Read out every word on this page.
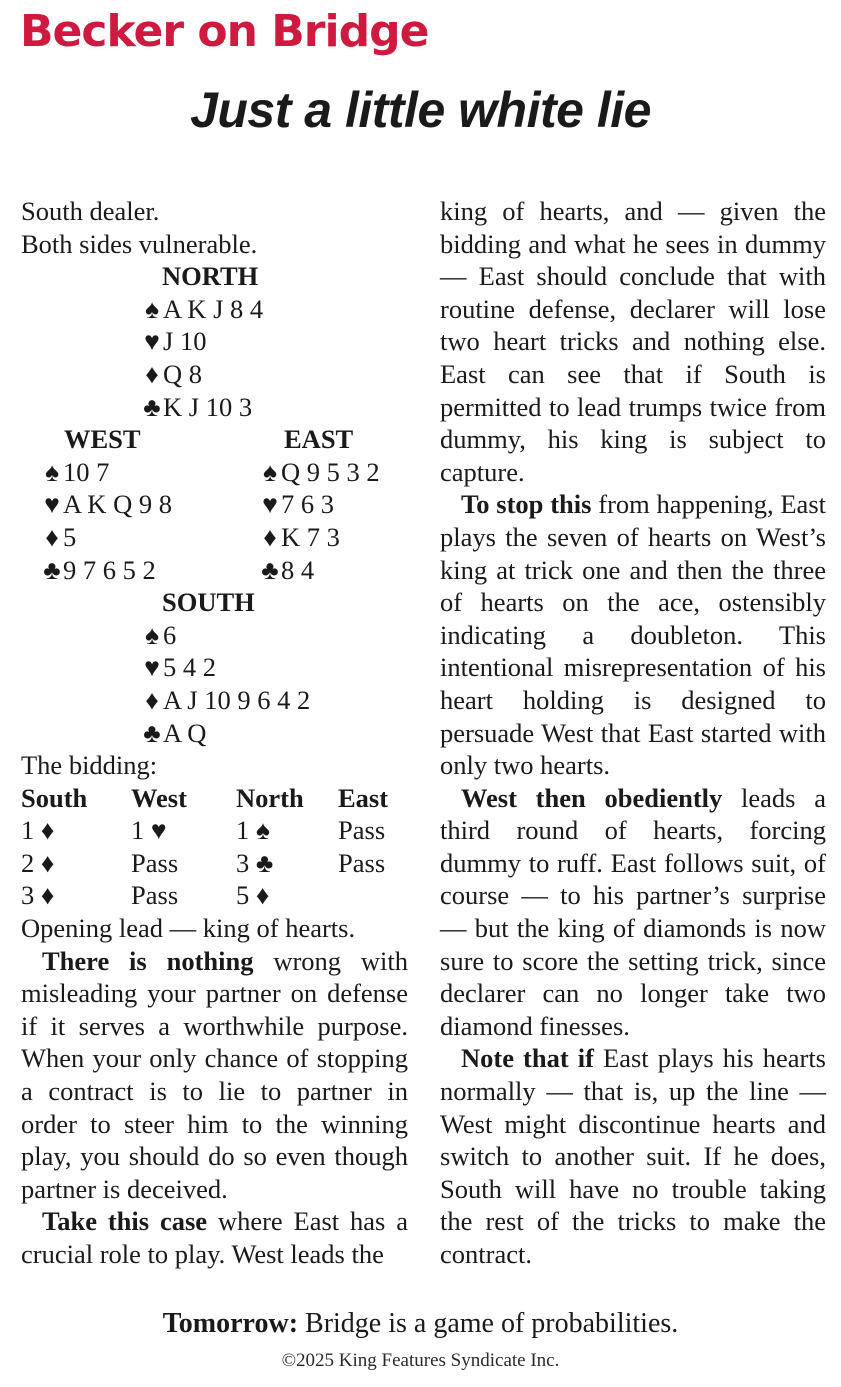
Becker on Bridge
Just a little white lie
South dealer.
Both sides vulnerable.
NORTH
♠ A K J 8 4
♥ J 10
♦ Q 8
♣K J 10 3
WEST	EAST
♠ 10 7	♠ Q 9 5 3 2
♥ A K Q 9 8	♥ 7 6 3
♦ 5	♦ K 7 3
♣9 7 6 5 2	♣8 4
SOUTH
♠ 6
♥ 5 4 2
♦ A J 10 9 6 4 2
♣A Q
The bidding:
South West North East
1 ♦	1 ♥	1 ♠	Pass
2 ♦	Pass 3 ♣ Pass
3 ♦	Pass 5 ♦
Opening lead — king of hearts.

There is nothing wrong with misleading your partner on defense if it serves a worthwhile purpose. When your only chance of stopping a contract is to lie to partner in order to steer him to the winning play, you should do so even though partner is deceived.

Take this case where East has a crucial role to play. West leads the

king of hearts, and — given the bidding and what he sees in dummy — East should conclude that with routine defense, declarer will lose two heart tricks and nothing else. East can see that if South is permitted to lead trumps twice from dummy, his king is subject to capture.

To stop this from happening, East plays the seven of hearts on West’s king at trick one and then the three of hearts on the ace, ostensibly indicating a doubleton. This intentional misrepresentation of his heart holding is designed to persuade West that East started with only two hearts.

West then obediently leads a third round of hearts, forcing dummy to ruff. East follows suit, of course — to his partner’s surprise — but the king of diamonds is now sure to score the setting trick, since declarer can no longer take two diamond finesses.

Note that if East plays his hearts normally — that is, up the line — West might discontinue hearts and switch to another suit. If he does, South will have no trouble taking the rest of the tricks to make the contract.

Tomorrow: Bridge is a game of probabilities.
©2025 King Features Syndicate Inc.
